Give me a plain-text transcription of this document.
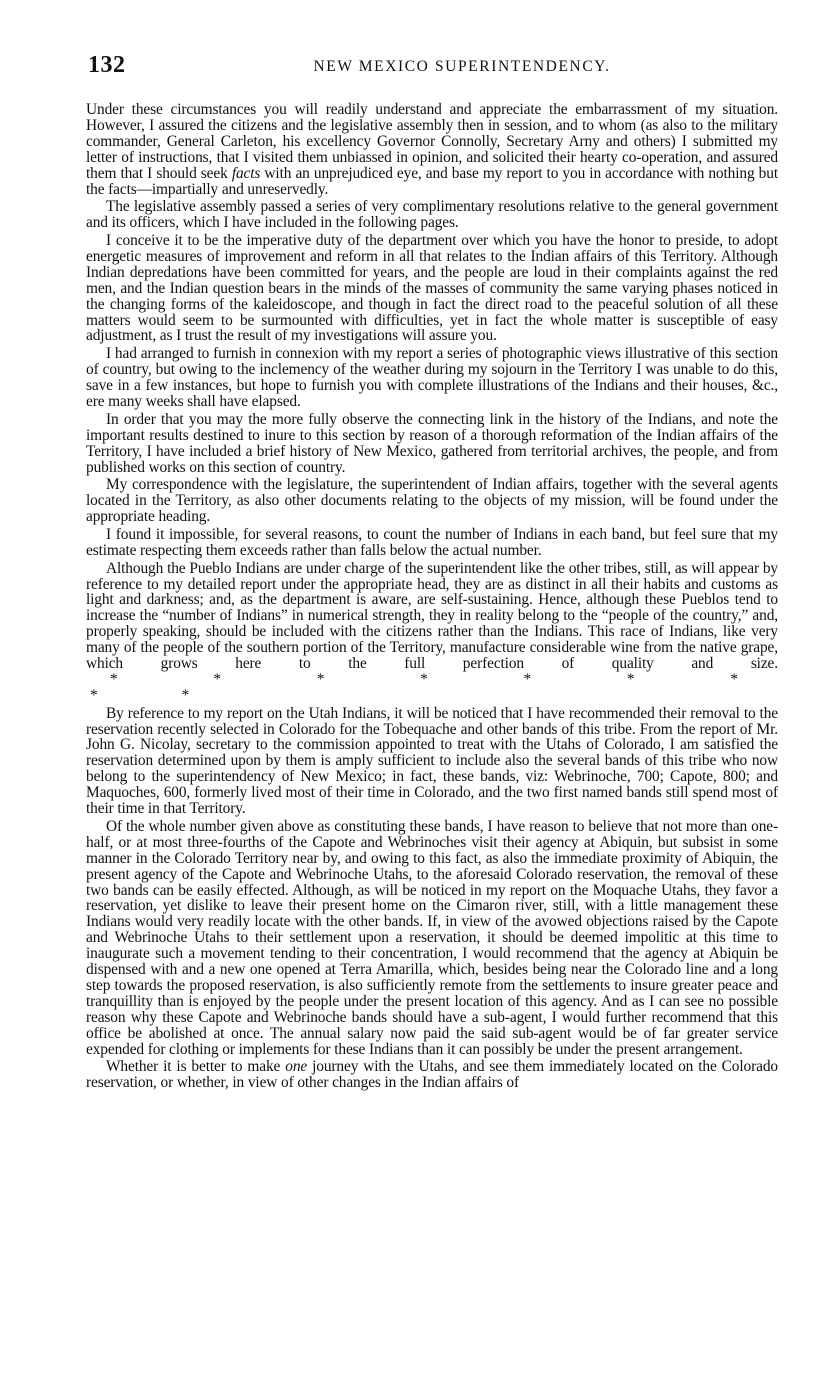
132	NEW MEXICO SUPERINTENDENCY.

Under these circumstances you will readily understand and appreciate the embarrassment of my situation. However, I assured the citizens and the legislative assembly then in session, and to whom (as also to the military commander, General Carleton, his excellency Governor Connolly, Secretary Arny and others) I submitted my letter of instructions, that I visited them unbiassed in opinion, and solicited their hearty co-operation, and assured them that I should seek facts with an unprejudiced eye, and base my report to you in accordance with nothing but the facts—impartially and unreservedly.

The legislative assembly passed a series of very complimentary resolutions relative to the general government and its officers, which I have included in the following pages.

I conceive it to be the imperative duty of the department over which you have the honor to preside, to adopt energetic measures of improvement and reform in all that relates to the Indian affairs of this Territory. Although Indian depredations have been committed for years, and the people are loud in their complaints against the red men, and the Indian question bears in the minds of the masses of community the same varying phases noticed in the changing forms of the kaleidoscope, and though in fact the direct road to the peaceful solution of all these matters would seem to be surmounted with difficulties, yet in fact the whole matter is susceptible of easy adjustment, as I trust the result of my investigations will assure you.

I had arranged to furnish in connexion with my report a series of photographic views illustrative of this section of country, but owing to the inclemency of the weather during my sojourn in the Territory I was unable to do this, save in a few instances, but hope to furnish you with complete illustrations of the Indians and their houses, &c., ere many weeks shall have elapsed.

In order that you may the more fully observe the connecting link in the history of the Indians, and note the important results destined to inure to this section by reason of a thorough reformation of the Indian affairs of the Territory, I have included a brief history of New Mexico, gathered from territorial archives, the people, and from published works on this section of country.

My correspondence with the legislature, the superintendent of Indian affairs, together with the several agents located in the Territory, as also other documents relating to the objects of my mission, will be found under the appropriate heading.

I found it impossible, for several reasons, to count the number of Indians in each band, but feel sure that my estimate respecting them exceeds rather than falls below the actual number.

Although the Pueblo Indians are under charge of the superintendent like the other tribes, still, as will appear by reference to my detailed report under the appropriate head, they are as distinct in all their habits and customs as light and darkness; and, as the department is aware, are self-sustaining. Hence, although these Pueblos tend to increase the “number of Indians” in numerical strength, they in reality belong to the “people of the country,” and, properly speaking, should be included with the citizens rather than the Indians. This race of Indians, like very many of the people of the southern portion of the Territory, manufacture considerable wine from the native grape, which grows here to the full perfection of quality and size.* * * * * * * * *

By reference to my report on the Utah Indians, it will be noticed that I have recommended their removal to the reservation recently selected in Colorado for the Tobequache and other bands of this tribe. From the report of Mr. John G. Nicolay, secretary to the commission appointed to treat with the Utahs of Colorado, I am satisfied the reservation determined upon by them is amply sufficient to include also the several bands of this tribe who now belong to the superintendency of New Mexico; in fact, these bands, viz: Webrinoche, 700; Capote, 800; and Maquoches, 600, formerly lived most of their time in Colorado, and the two first named bands still spend most of their time in that Territory.

Of the whole number given above as constituting these bands, I have reason to believe that not more than one-half, or at most three-fourths of the Capote and Webrinoches visit their agency at Abiquin, but subsist in some manner in the Colorado Territory near by, and owing to this fact, as also the immediate proximity of Abiquin, the present agency of the Capote and Webrinoche Utahs, to the aforesaid Colorado reservation, the removal of these two bands can be easily effected. Although, as will be noticed in my report on the Moquache Utahs, they favor a reservation, yet dislike to leave their present home on the Cimaron river, still, with a little management these Indians would very readily locate with the other bands. If, in view of the avowed objections raised by the Capote and Webrinoche Utahs to their settlement upon a reservation, it should be deemed impolitic at this time to inaugurate such a movement tending to their concentration, I would recommend that the agency at Abiquin be dispensed with and a new one opened at Terra Amarilla, which, besides being near the Colorado line and a long step towards the proposed reservation, is also sufficiently remote from the settlements to insure greater peace and tranquillity than is enjoyed by the people under the present location of this agency. And as I can see no possible reason why these Capote and Webrinoche bands should have a sub-agent, I would further recommend that this office be abolished at once. The annual salary now paid the said sub-agent would be of far greater service expended for clothing or implements for these Indians than it can possibly be under the present arrangement.

Whether it is better to make one journey with the Utahs, and see them immediately located on the Colorado reservation, or whether, in view of other changes in the Indian affairs of
